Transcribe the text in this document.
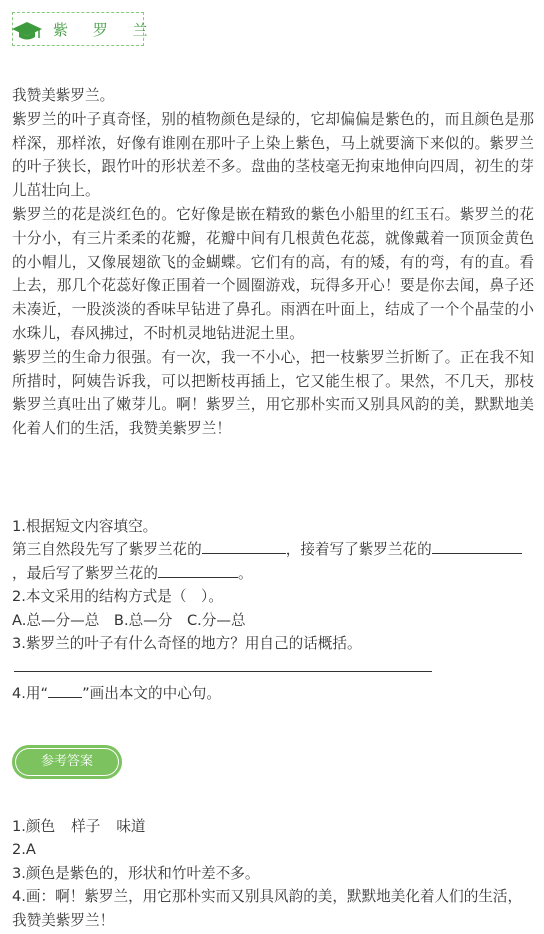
紫 罗 兰

我赞美紫罗兰。

紫罗兰的叶子真奇怪，别的植物颜色是绿的，它却偏偏是紫色的，而且颜色是那样深，那样浓，好像有谁刚在那叶子上染上紫色，马上就要滴下来似的。紫罗兰的叶子狭长，跟竹叶的形状差不多。盘曲的茎枝毫无拘束地伸向四周，初生的芽儿茁壮向上。

紫罗兰的花是淡红色的。它好像是嵌在精致的紫色小船里的红玉石。紫罗兰的花十分小，有三片柔柔的花瓣，花瓣中间有几根黄色花蕊，就像戴着一顶顶金黄色的小帽儿，又像展翅欲飞的金蝴蝶。它们有的高，有的矮，有的弯，有的直。看上去，那几个花蕊好像正围着一个圆圈游戏，玩得多开心！要是你去闻，鼻子还未凑近，一股淡淡的香味早钻进了鼻孔。雨洒在叶面上，结成了一个个晶莹的小水珠儿，春风拂过，不时机灵地钻进泥土里。

紫罗兰的生命力很强。有一次，我一不小心，把一枝紫罗兰折断了。正在我不知所措时，阿姨告诉我，可以把断枝再插上，它又能生根了。果然，不几天，那枝紫罗兰真吐出了嫩芽儿。啊！紫罗兰，用它那朴实而又别具风韵的美，默默地美化着人们的生活，我赞美紫罗兰！

1.根据短文内容填空。

第三自然段先写了紫罗兰花的	，接着写了紫罗兰花的，最后写了紫罗兰花的	。

2.本文采用的结构方式是（　）。

A.总—分—总　B.总—分　C.分—总

3.紫罗兰的叶子有什么奇怪的地方？用自己的话概括。

4.用“ ”画出本文的中心句。

参考答案

1.颜色 样子 味道

2.A

3.颜色是紫色的，形状和竹叶差不多。

4.画：啊！紫罗兰，用它那朴实而又别具风韵的美，默默地美化着人们的生活，我赞美紫罗兰！
